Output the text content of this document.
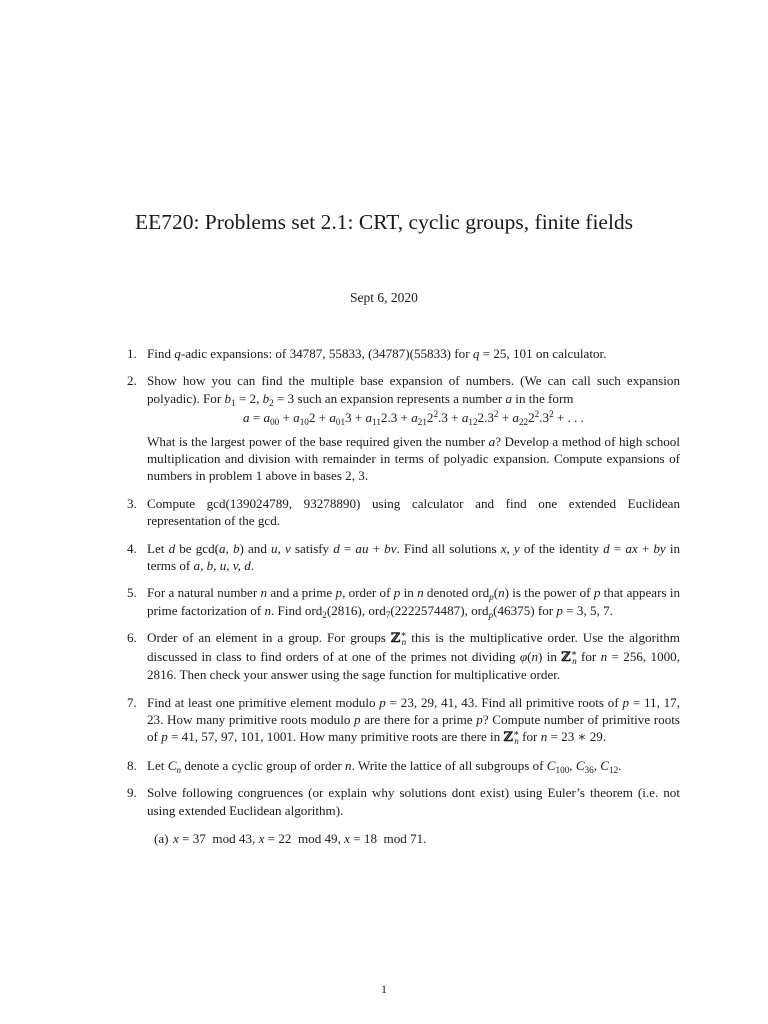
EE720: Problems set 2.1: CRT, cyclic groups, finite fields
Sept 6, 2020
1. Find q-adic expansions: of 34787, 55833, (34787)(55833) for q = 25, 101 on calculator.

2. Show how you can find the multiple base expansion of numbers. (We can call such expansion polyadic). For $b_1 = 2$, $b_2 = 3$ such an expansion represents a number a in the form

$a = a_{00} + a_{10}2 + a_{01}3 + a_{11}2.3 + a_{21}2^2.3 + a_{12}2.3^2 + a_{22}2^2.3^2$ + . . .

What is the largest power of the base required given the number a? Develop a method of high school multiplication and division with remainder in terms of polyadic expansion. Compute expansions of numbers in problem 1 above in bases 2, 3.

3. Compute gcd(139024789, 93278890) using calculator and find one extended Euclidean representation of the gcd.

4. Let d be gcd(a, b) and u, v satisfy d = au + bv. Find all solutions x, y of the identity d = ax + by in terms of a, b, u, v, d.

5. For a natural number n and a prime p, order of p in n denoted ord$_p$(n) is the power of p that appears in prime factorization of n. Find ord$_2$(2816), ord$_7$(2222574487), ord$_p$(46375) for p = 3, 5, 7.

6. Order of an element in a group. For groups ℤ∗$_n$ this is the multiplicative order. Use the algorithm discussed in class to find orders of at one of the primes not dividing φ(n) in ℤ∗$_n$ for n = 256, 1000, 2816. Then check your answer using the sage function for multiplicative order.

7. Find at least one primitive element modulo p = 23, 29, 41, 43. Find all primitive roots of p = 11, 17, 23. How many primitive roots modulo p are there for a prime p? Compute number of primitive roots of p = 41, 57, 97, 101, 1001. How many primitive roots are there in ℤ∗$_n$ for n = 23 ∗ 29.

8. Let $C_n$ denote a cyclic group of order n. Write the lattice of all subgroups of $C_{100}$, $C_{36}$, $C_{12}$.

9. Solve following congruences (or explain why solutions dont exist) using Euler’s theorem (i.e. not using extended Euclidean algorithm).

(a) x = 37  mod 43, x = 22  mod 49, x = 18  mod 71.
1
